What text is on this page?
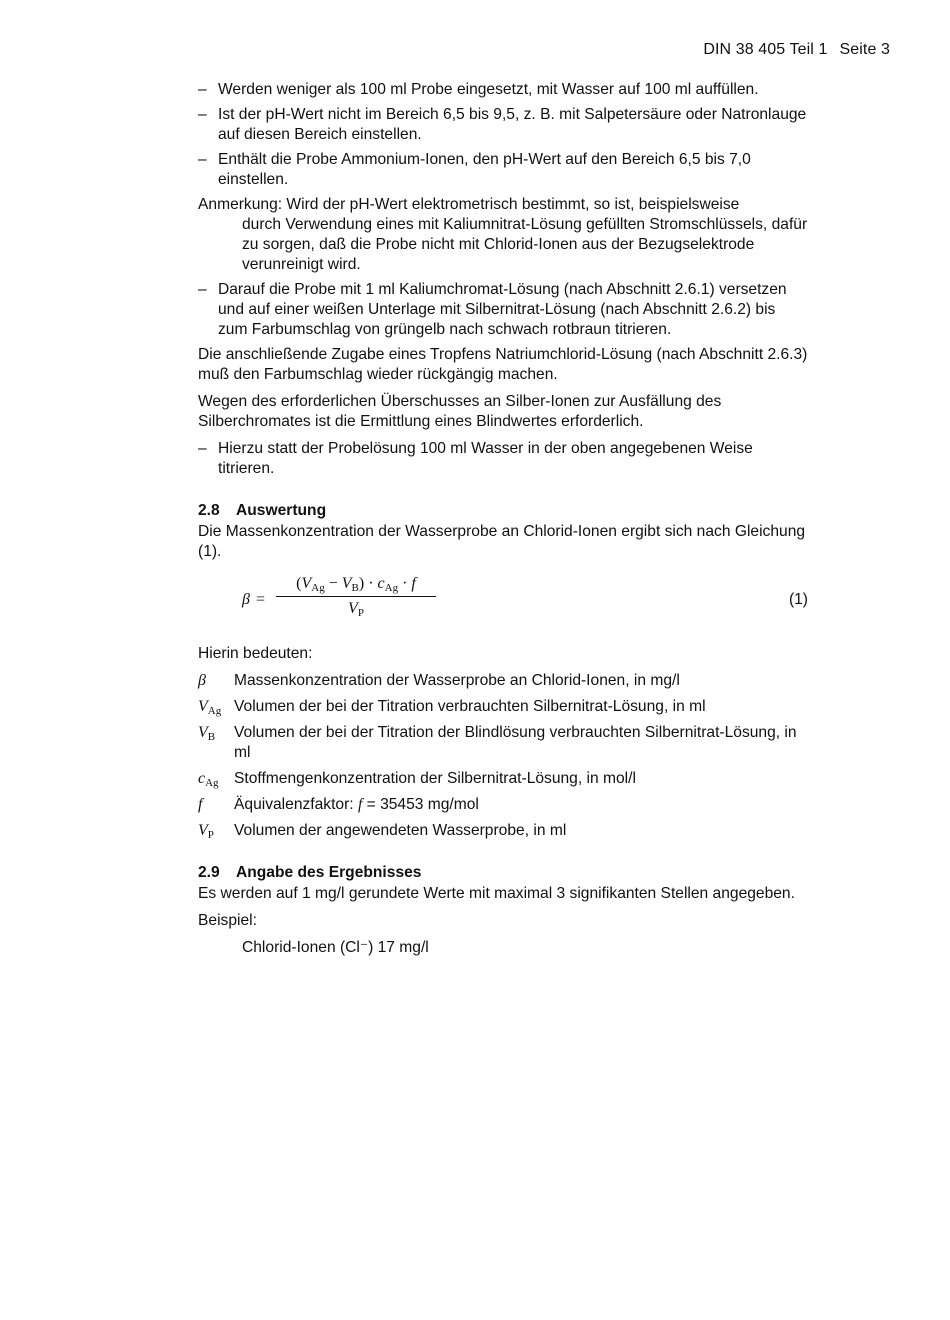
DIN 38 405 Teil 1 Seite 3
– Werden weniger als 100 ml Probe eingesetzt, mit Wasser auf 100 ml auffüllen.
– Ist der pH-Wert nicht im Bereich 6,5 bis 9,5, z. B. mit Salpetersäure oder Natronlauge auf diesen Bereich einstellen.
– Enthält die Probe Ammonium-Ionen, den pH-Wert auf den Bereich 6,5 bis 7,0 einstellen.
Anmerkung: Wird der pH-Wert elektrometrisch bestimmt, so ist, beispielsweise
durch Verwendung eines mit Kaliumnitrat-Lösung gefüllten Stromschlüssels, dafür zu sorgen, daß die Probe nicht mit Chlorid-Ionen aus der Bezugselektrode verunreinigt wird.
– Darauf die Probe mit 1 ml Kaliumchromat-Lösung (nach Abschnitt 2.6.1) versetzen und auf einer weißen Unterlage mit Silbernitrat-Lösung (nach Abschnitt 2.6.2) bis zum Farbumschlag von grüngelb nach schwach rotbraun titrieren.

Die anschließende Zugabe eines Tropfens Natriumchlorid-Lösung (nach Abschnitt 2.6.3) muß den Farbumschlag wieder rückgängig machen.

Wegen des erforderlichen Überschusses an Silber-Ionen zur Ausfällung des Silberchromates ist die Ermittlung eines Blindwertes erforderlich.

– Hierzu statt der Probelösung 100 ml Wasser in der oben angegebenen Weise titrieren.
2.8 Auswertung

Die Massenkonzentration der Wasserprobe an Chlorid-Ionen ergibt sich nach Gleichung (1).

β =
$(V_{Ag} - V_B) \cdot c_{Ag} \cdot f$
$V_P$
(1)

Hierin bedeuten:

β	Massenkonzentration der Wasserprobe an Chlorid-Ionen, in mg/l
$V_{Ag}$ Volumen der bei der Titration verbrauchten Silbernitrat-Lösung, in ml
$V_B$	Volumen der bei der Titration der Blindlösung verbrauchten Silbernitrat-Lösung, in ml
$c_{Ag}$ Stoffmengenkonzentration der Silbernitrat-Lösung, in mol/l
f	Äquivalenzfaktor: f = 35453 mg/mol
$V_P$	Volumen der angewendeten Wasserprobe, in ml
2.9 Angabe des Ergebnisses

Es werden auf 1 mg/l gerundete Werte mit maximal 3 signifikanten Stellen angegeben.

Beispiel:

Chlorid-Ionen (Cl⁻) 17 mg/l
